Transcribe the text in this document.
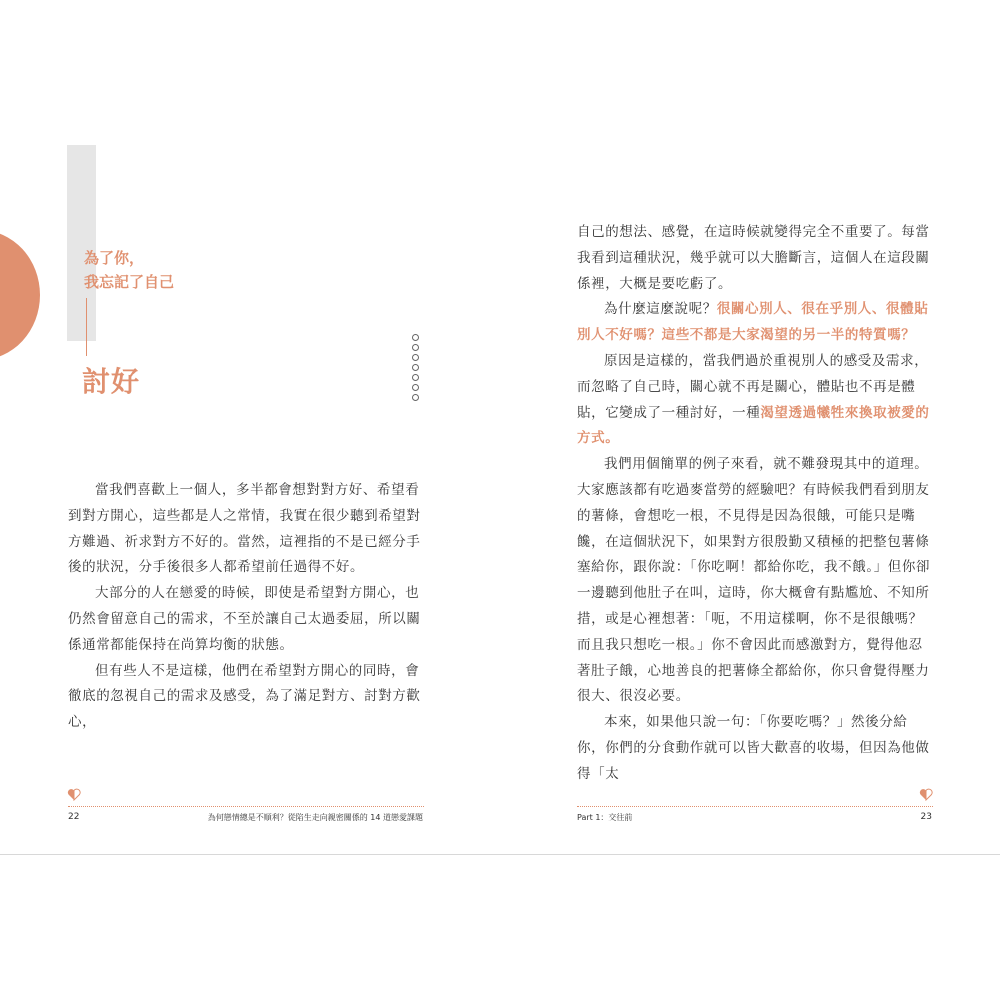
為了你，
我忘記了自己
討好

當我們喜歡上一個人，多半都會想對對方好、希望看到對方開心，這些都是人之常情，我實在很少聽到希望對方難過、祈求對方不好的。當然，這裡指的不是已經分手後的狀況，分手後很多人都希望前任過得不好。

大部分的人在戀愛的時候，即使是希望對方開心，也仍然會留意自己的需求，不至於讓自己太過委屈，所以關係通常都能保持在尚算均衡的狀態。

但有些人不是這樣，他們在希望對方開心的同時，會徹底的忽視自己的需求及感受，為了滿足對方、討對方歡心，

22	為何戀情總是不順利？從陷生走向親密關係的 14 道戀愛課題

自己的想法、感覺，在這時候就變得完全不重要了。每當我看到這種狀況，幾乎就可以大膽斷言，這個人在這段關係裡，大概是要吃虧了。

為什麼這麼說呢？很關心別人、很在乎別人、很體貼別人不好嗎？這些不都是大家渴望的另一半的特質嗎？

原因是這樣的，當我們過於重視別人的感受及需求，而忽略了自己時，關心就不再是關心，體貼也不再是體貼，它變成了一種討好，一種渴望透過犧牲來換取被愛的方式。

我們用個簡單的例子來看，就不難發現其中的道理。大家應該都有吃過麥當勞的經驗吧？有時候我們看到朋友的薯條，會想吃一根，不見得是因為很餓，可能只是嘴饞，在這個狀況下，如果對方很殷勤又積極的把整包薯條塞給你，跟你說：「你吃啊！都給你吃，我不餓。」但你卻一邊聽到他肚子在叫，這時，你大概會有點尷尬、不知所措，或是心裡想著：「呃，不用這樣啊，你不是很餓嗎？而且我只想吃一根。」你不會因此而感激對方，覺得他忍著肚子餓，心地善良的把薯條全都給你，你只會覺得壓力很大、很沒必要。

本來，如果他只說一句：「你要吃嗎？」然後分給你，你們的分食動作就可以皆大歡喜的收場，但因為他做得「太

Part 1：交往前	23
